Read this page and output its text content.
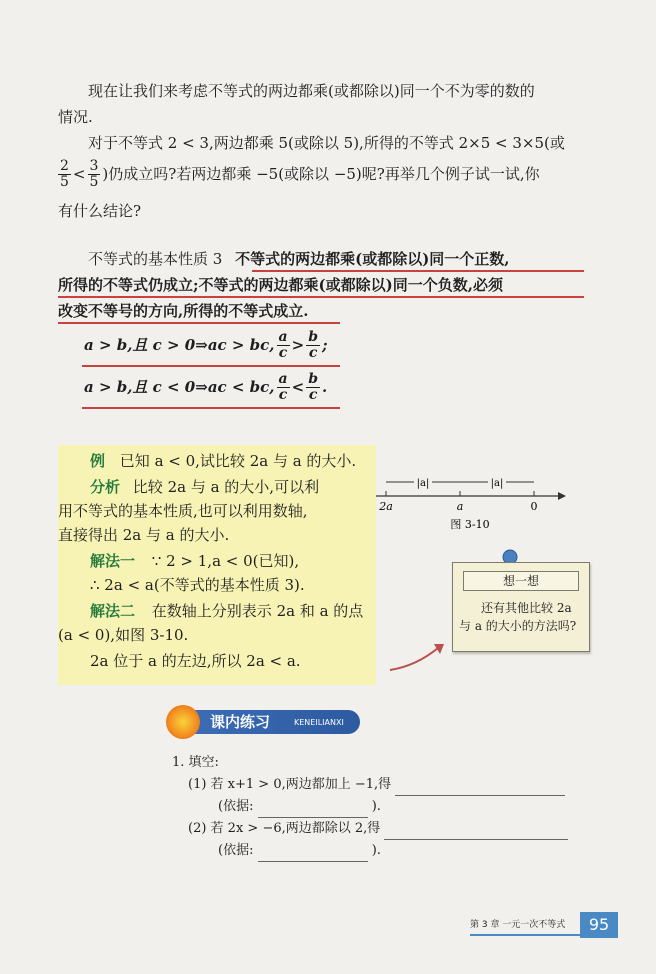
现在让我们来考虑不等式的两边都乘(或都除以)同一个不为零的数的
情况.
对于不等式 2 < 3,两边都乘 5(或除以 5),所得的不等式 2×5 < 3×5(或
$\frac{2}{5} < \frac{3}{5}$ )仍成立吗?若两边都乘 −5(或除以 −5)呢?再举几个例子试一试,你
有什么结论?
不等式的基本性质 3 不等式的两边都乘(或都除以)同一个正数,
所得的不等式仍成立;不等式的两边都乘(或都除以)同一个负数,必须
改变不等号的方向,所得的不等式成立.
a > b,且 c > 0⇒ac > bc, $\frac{a}{c} > \frac{b}{c}$ ;
a > b,且 c < 0⇒ac < bc, $\frac{a}{c} < \frac{b}{c}$ .
例 已知 a < 0,试比较 2a 与 a 的大小.
分析 比较 2a 与 a 的大小,可以利
用不等式的基本性质,也可以利用数轴,
直接得出 2a 与 a 的大小.
解法一 ∵ 2 > 1,a < 0(已知),
∴ 2a < a(不等式的基本性质 3).
解法二 在数轴上分别表示 2a 和 a 的点
(a < 0),如图 3-10.
2a 位于 a 的左边,所以 2a < a.
|a|	|a|
2a	a	0
图 3-10
想一想
还有其他比较 2a
与 a 的大小的方法吗?
课内练习	KENEILIANXI
1. 填空:
(1) 若 x+1 > 0,两边都加上 −1,得
(依据:	).
(2) 若 2x > −6,两边都除以 2,得
(依据:	).
第 3 章 一元一次不等式	95
